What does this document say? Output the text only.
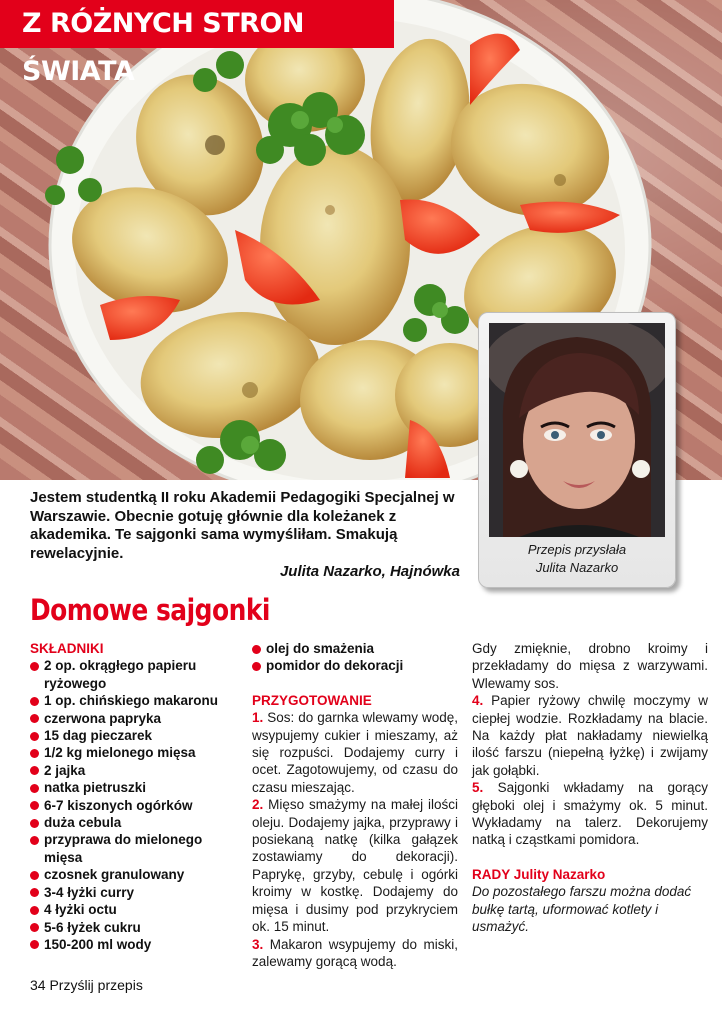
Z RÓŻNYCH STRON ŚWIATA
Przepis przysłała
Julita Nazarko
Jestem studentką II roku Akademii Pedagogiki Specjalnej w Warszawie. Obecnie gotuję głównie dla koleżanek z akademika. Te sajgonki sama wymyśliłam. Smakują rewelacyjnie.
Julita Nazarko, Hajnówka
Domowe sajgonki
SKŁADNIKI
2 op. okrągłego papieru ryżowego
1 op. chińskiego makaronu
czerwona papryka
15 dag pieczarek
1/2 kg mielonego mięsa
2 jajka
natka pietruszki
6-7 kiszonych ogórków
duża cebula
przyprawa do mielonego mięsa
czosnek granulowany
3-4 łyżki curry
4 łyżki octu
5-6 łyżek cukru
150-200 ml wody
olej do smażenia
pomidor do dekoracji
PRZYGOTOWANIE

1. Sos: do garnka wlewamy wodę, wsypujemy cukier i mieszamy, aż się rozpuści. Dodajemy curry i ocet. Zagotowujemy, od czasu do czasu mieszając.

2. Mięso smażymy na małej ilości oleju. Dodajemy jajka, przyprawy i posiekaną natkę (kilka gałązek zostawiamy do dekoracji). Paprykę, grzyby, cebulę i ogórki kroimy w kostkę. Dodajemy do mięsa i dusimy pod przykryciem ok. 15 minut.

3. Makaron wsypujemy do miski, zalewamy gorącą wodą.

Gdy zmięknie, drobno kroimy i przekładamy do mięsa z warzywami. Wlewamy sos.

4. Papier ryżowy chwilę moczymy w ciepłej wodzie. Rozkładamy na blacie. Na każdy płat nakładamy niewielką ilość farszu (niepełną łyżkę) i zwijamy jak gołąbki.

5. Sajgonki wkładamy na gorący głęboki olej i smażymy ok. 5 minut. Wykładamy na talerz. Dekorujemy natką i cząstkami pomidora.

RADY Julity Nazarko

Do pozostałego farszu można dodać bułkę tartą, uformować kotlety i usmażyć.

34 Przyślij przepis
